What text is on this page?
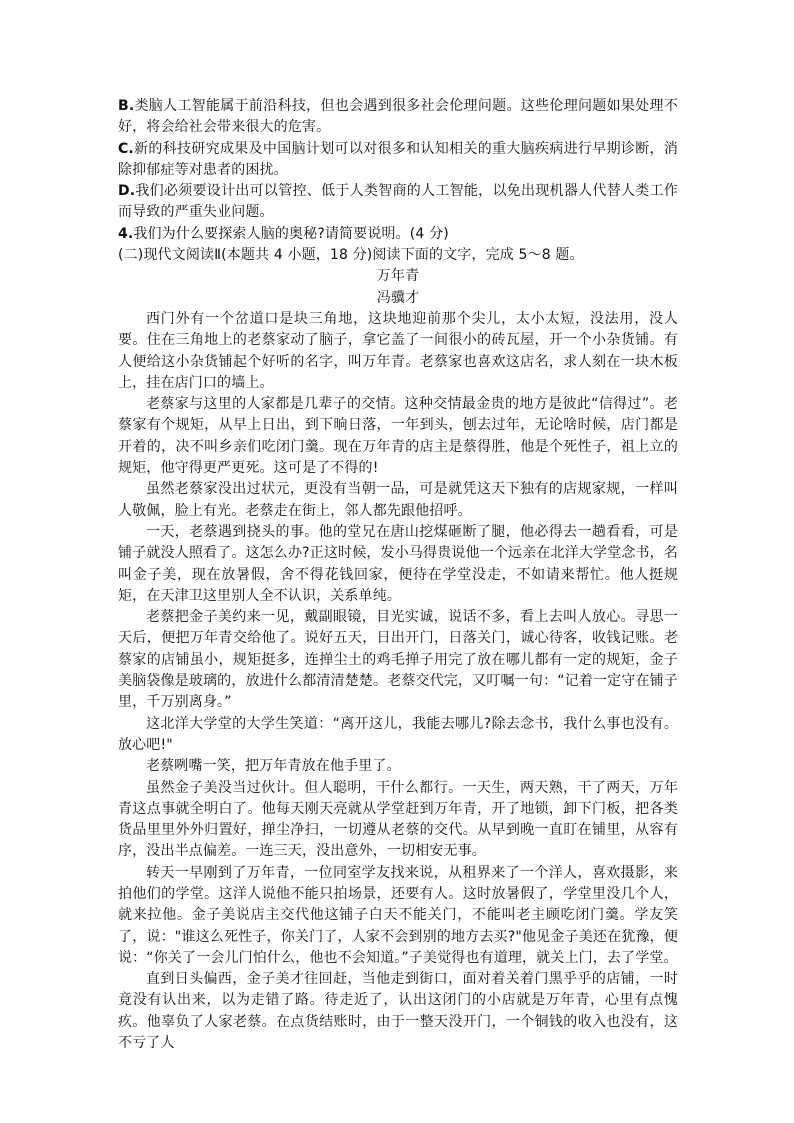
B.类脑人工智能属于前沿科技，但也会遇到很多社会伦理问题。这些伦理问题如果处理不好，将会给社会带来很大的危害。

C.新的科技研究成果及中国脑计划可以对很多和认知相关的重大脑疾病进行早期诊断，消除抑郁症等对患者的困扰。

D.我们必须要设计出可以管控、低于人类智商的人工智能，以免出现机器人代替人类工作而导致的严重失业问题。

4.我们为什么要探索人脑的奥秘?请简要说明。(4 分)

(二)现代文阅读Ⅱ(本题共 4 小题，18 分)阅读下面的文字，完成 5～8 题。

万年青

冯骥才

西门外有一个岔道口是块三角地，这块地迎前那个尖儿，太小太短，没法用，没人要。住在三角地上的老蔡家动了脑子，拿它盖了一间很小的砖瓦屋，开一个小杂货铺。有人便给这小杂货铺起个好听的名字，叫万年青。老蔡家也喜欢这店名，求人刻在一块木板上，挂在店门口的墙上。

老蔡家与这里的人家都是几辈子的交情。这种交情最金贵的地方是彼此“信得过”。老蔡家有个规矩，从早上日出，到下晌日落，一年到头，刨去过年，无论啥时候，店门都是开着的，决不叫乡亲们吃闭门羹。现在万年青的店主是蔡得胜，他是个死性子，祖上立的规矩，他守得更严更死。这可是了不得的!

虽然老蔡家没出过状元，更没有当朝一品，可是就凭这天下独有的店规家规，一样叫人敬佩，脸上有光。老蔡走在街上，邻人都先跟他招呼。

一天，老蔡遇到挠头的事。他的堂兄在唐山挖煤砸断了腿，他必得去一趟看看，可是铺子就没人照看了。这怎么办?正这时候，发小马得贵说他一个远亲在北洋大学堂念书，名叫金子美，现在放暑假，舍不得花钱回家，便待在学堂没走，不如请来帮忙。他人挺规矩，在天津卫这里别人全不认识，关系单纯。

老蔡把金子美约来一见，戴副眼镜，目光实诚，说话不多，看上去叫人放心。寻思一天后，便把万年青交给他了。说好五天，日出开门，日落关门，诚心待客，收钱记账。老蔡家的店铺虽小，规矩挺多，连掸尘土的鸡毛掸子用完了放在哪儿都有一定的规矩，金子美脑袋像是玻璃的，放进什么都清清楚楚。老蔡交代完，又叮嘱一句：“记着一定守在铺子里，千万别离身。”

这北洋大学堂的大学生笑道：“离开这儿，我能去哪儿?除去念书，我什么事也没有。放心吧!"

老蔡咧嘴一笑，把万年青放在他手里了。

虽然金子美没当过伙计。但人聪明，干什么都行。一天生，两天熟，干了两天，万年青这点事就全明白了。他每天刚天亮就从学堂赶到万年青，开了地锁，卸下门板，把各类货品里里外外归置好，掸尘净扫，一切遵从老蔡的交代。从早到晚一直盯在铺里，从容有序，没出半点偏差。一连三天，没出意外，一切相安无事。

转天一早刚到了万年青，一位同室学友找来说，从租界来了一个洋人，喜欢摄影，来拍他们的学堂。这洋人说他不能只拍场景，还要有人。这时放暑假了，学堂里没几个人，就来拉他。金子美说店主交代他这铺子白天不能关门，不能叫老主顾吃闭门羹。学友笑了，说："谁这么死性子，你关门了，人家不会到别的地方去买?"他见金子美还在犹豫，便说：“你关了一会儿门怕什么，他也不会知道。”子美觉得也有道理，就关上门，去了学堂。

直到日头偏西，金子美才往回赶，当他走到街口，面对着关着门黑乎乎的店铺，一时竟没有认出来，以为走错了路。待走近了，认出这闭门的小店就是万年青，心里有点愧疚。他辜负了人家老蔡。在点货结账时，由于一整天没开门，一个铜钱的收入也没有，这不亏了人
